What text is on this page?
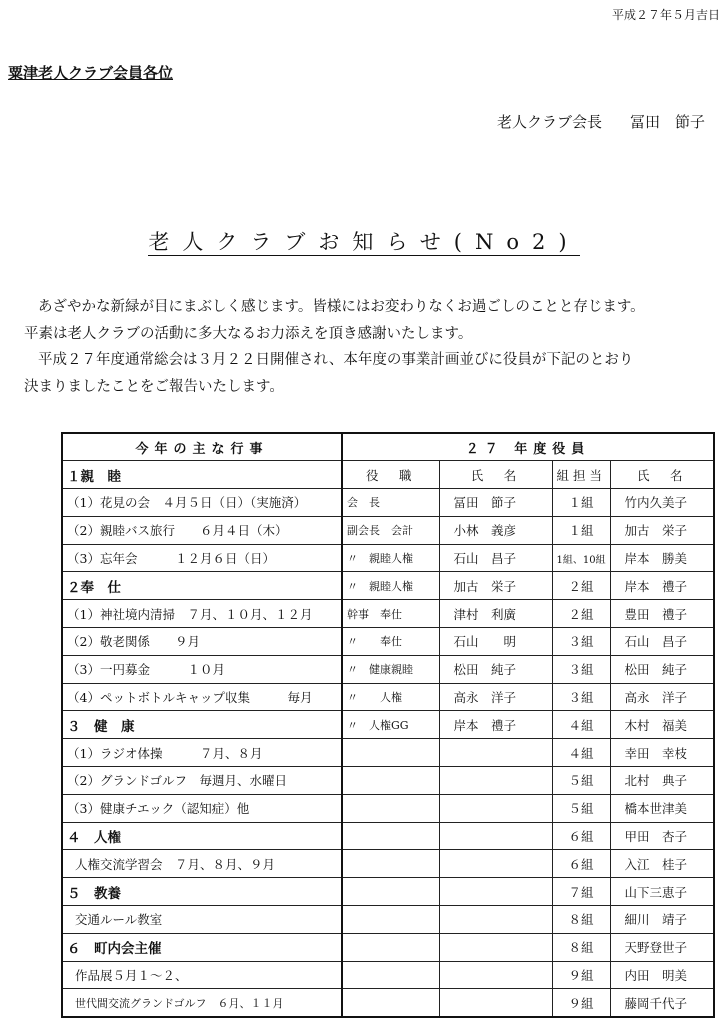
平成２７年５月吉日
粟津老人クラブ会員各位
老人クラブ会長 冨田　節子
老人クラブお知らせ(No2)

あざやかな新緑が目にまぶしく感じます。皆様にはお変わりなくお過ごしのことと存じます。

平素は老人クラブの活動に多大なるお力添えを頂き感謝いたします。

平成２７年度通常総会は３月２２日開催され、本年度の事業計画並びに役員が下記のとおり

決まりましたことをご報告いたします。

今年の主な行事	２７ 年度役員			
１親　睦	役　職	氏　名	組担当	氏　名
（1）花見の会　４月５日（日）（実施済）	会　長	冨田　節子	１組	竹内久美子
（2）親睦バス旅行　　６月４日（木）	副会長　会計	小林　義彦	１組	加古　栄子
（3）忘年会　　　１２月６日（日）	〃　親睦人権	石山　昌子	1組、10組	岸本　勝美
２奉　仕	〃　親睦人権	加古　栄子	２組	岸本　禮子
（1）神社境内清掃　７月、１０月、１２月	幹事　奉仕	津村　利廣	２組	豊田　禮子
（2）敬老関係　　９月	〃　　奉仕	石山　　明	３組	石山　昌子
（3）一円募金　　　１０月	〃　健康親睦	松田　純子	３組	松田　純子
（4）ペットボトルキャップ収集　　　毎月	〃　　人権	高永　洋子	３組	高永　洋子
３　健　康	〃　人権GG	岸本　禮子	４組	木村　福美
（1）ラジオ体操　　　７月、８月			４組	幸田　幸枝
（2）グランドゴルフ　毎週月、水曜日			５組	北村　典子
（3）健康チエック（認知症）他			５組	橋本世津美
４　人権			６組	甲田　杏子
人権交流学習会　７月、８月、９月			６組	入江　桂子
５　教養			７組	山下三恵子
交通ルール教室			８組	細川　靖子
６　町内会主催			８組	天野登世子
作品展５月１～２、			９組	内田　明美
世代間交流グランドゴルフ　６月、１１月			９組	藤岡千代子
